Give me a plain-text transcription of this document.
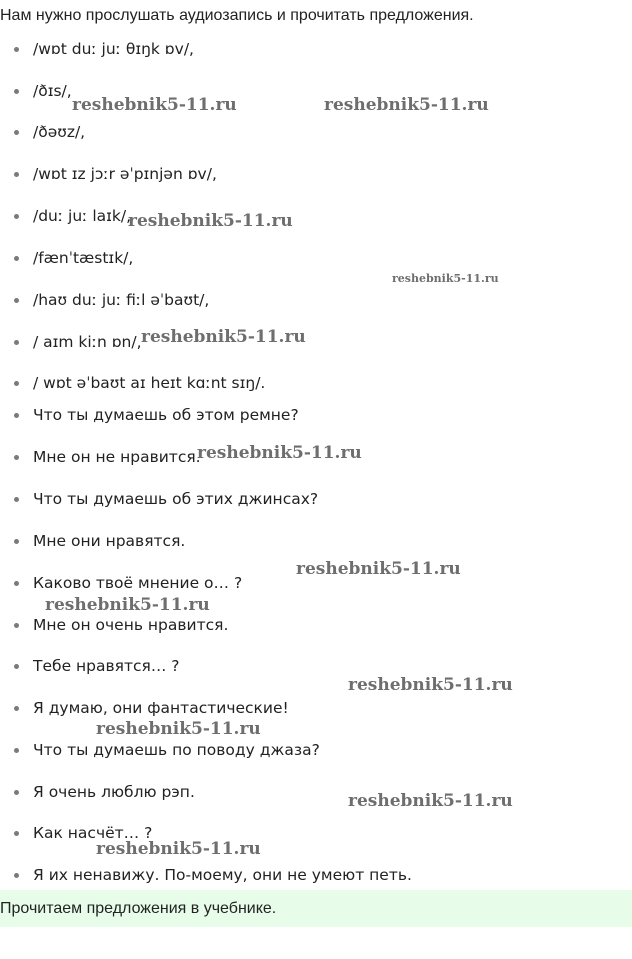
Нам нужно прослушать аудиозапись и прочитать предложения.
/wɒt duː juː θɪŋk ɒv/,
/ðɪs/,
/ðəʊz/,
/wɒt ɪz jɔːr əˈpɪnjən ɒv/,
/duː juː laɪk/,
/fænˈtæstɪk/,
/haʊ duː juː fiːl əˈbaʊt/,
/ aɪm kiːn ɒn/,
/ wɒt əˈbaʊt aɪ heɪt kɑːnt sɪŋ/.
Что ты думаешь об этом ремне?
Мне он не нравится.
Что ты думаешь об этих джинсах?
Мне они нравятся.
Каково твоё мнение о… ?
Мне он очень нравится.
Тебе нравятся… ?
Я думаю, они фантастические!
Что ты думаешь по поводу джаза?
Я очень люблю рэп.
Как насчёт… ?
Я их ненавижу. По-моему, они не умеют петь.
Прочитаем предложения в учебнике.
reshebnik5-11.ru	reshebnik5-11.ru
reshebnik5-11.ru
reshebnik5-11.ru
reshebnik5-11.ru
reshebnik5-11.ru
reshebnik5-11.ru
reshebnik5-11.ru
reshebnik5-11.ru
reshebnik5-11.ru
reshebnik5-11.ru
reshebnik5-11.ru
